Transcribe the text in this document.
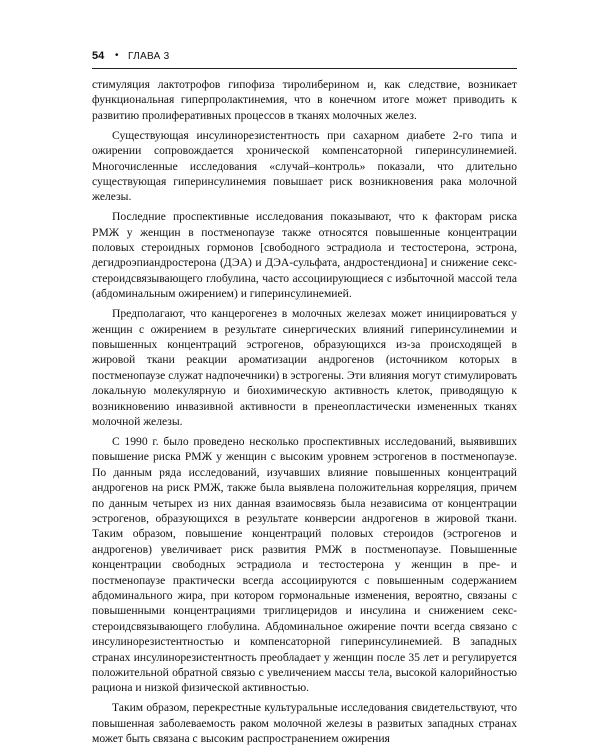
54 • ГЛАВА 3

стимуляция лактотрофов гипофиза тиролиберином и, как следствие, возникает функциональная гиперпролактинемия, что в конечном итоге может приводить к развитию пролиферативных процессов в тканях молочных желез.

Существующая инсулинорезистентность при сахарном диабете 2-го типа и ожирении сопровождается хронической компенсаторной гиперинсулинемией. Многочисленные исследования «случай–контроль» показали, что длительно существующая гиперинсулинемия повышает риск возникновения рака молочной железы.

Последние проспективные исследования показывают, что к факторам риска РМЖ у женщин в постменопаузе также относятся повышенные концентрации половых стероидных гормонов [свободного эстрадиола и тестостерона, эстрона, дегидроэпиандростерона (ДЭА) и ДЭА-сульфата, андростендиона] и снижение секс-стероидсвязывающего глобулина, часто ассоциирующиеся с избыточной массой тела (абдоминальным ожирением) и гиперинсулинемией.

Предполагают, что канцерогенез в молочных железах может инициироваться у женщин с ожирением в результате синергических влияний гиперинсулинемии и повышенных концентраций эстрогенов, образующихся из-за происходящей в жировой ткани реакции ароматизации андрогенов (источником которых в постменопаузе служат надпочечники) в эстрогены. Эти влияния могут стимулировать локальную молекулярную и биохимическую активность клеток, приводящую к возникновению инвазивной активности в пренеопластически измененных тканях молочной железы.

С 1990 г. было проведено несколько проспективных исследований, выявивших повышение риска РМЖ у женщин с высоким уровнем эстрогенов в постменопаузе. По данным ряда исследований, изучавших влияние повышенных концентраций андрогенов на риск РМЖ, также была выявлена положительная корреляция, причем по данным четырех из них данная взаимосвязь была независима от концентрации эстрогенов, образующихся в результате конверсии андрогенов в жировой ткани. Таким образом, повышение концентраций половых стероидов (эстрогенов и андрогенов) увеличивает риск развития РМЖ в постменопаузе. Повышенные концентрации свободных эстрадиола и тестостерона у женщин в пре- и постменопаузе практически всегда ассоциируются с повышенным содержанием абдоминального жира, при котором гормональные изменения, вероятно, связаны с повышенными концентрациями триглицеридов и инсулина и снижением секс-стероидсвязывающего глобулина. Абдоминальное ожирение почти всегда связано с инсулинорезистентностью и компенсаторной гиперинсулинемией. В западных странах инсулинорезистентность преобладает у женщин после 35 лет и регулируется положительной обратной связью с увеличением массы тела, высокой калорийностью рациона и низкой физической активностью.

Таким образом, перекрестные культуральные исследования свидетельствуют, что повышенная заболеваемость раком молочной железы в развитых западных странах может быть связана с высоким распространением ожирения
